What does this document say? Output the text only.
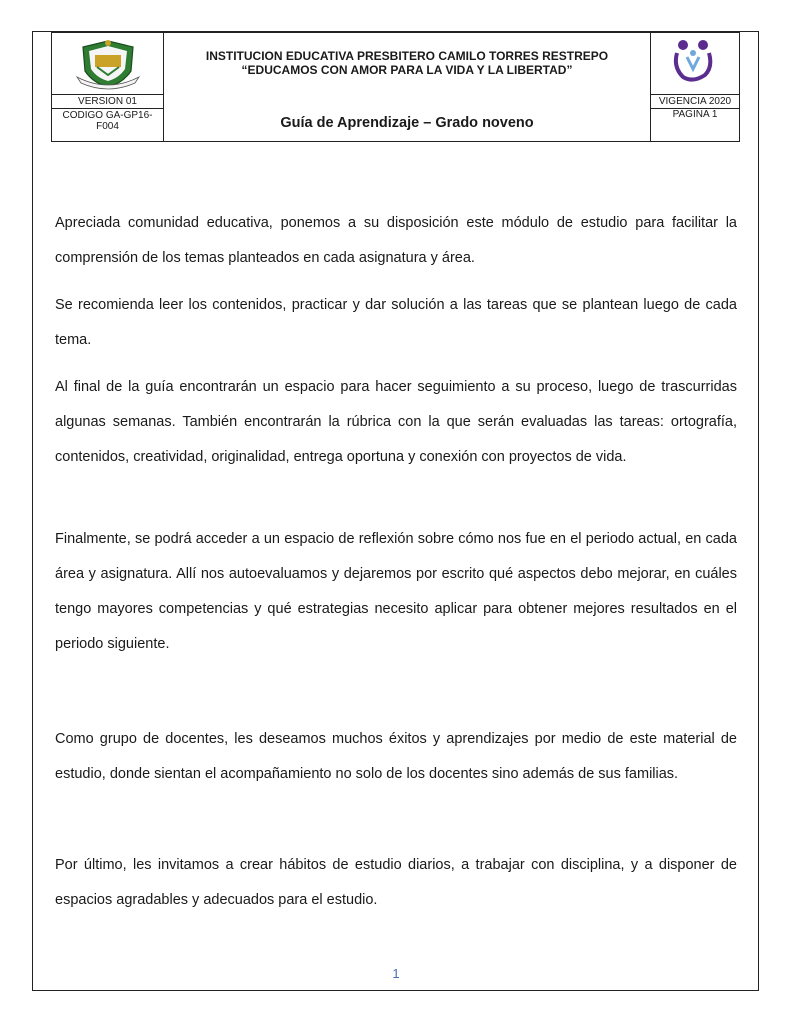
INSTITUCION EDUCATIVA PRESBITERO CAMILO TORRES RESTREPO
“EDUCAMOS CON AMOR PARA LA VIDA Y LA LIBERTAD”
VERSION 01
CODIGO GA-GP16-F004	Guía de Aprendizaje – Grado noveno
VIGENCIA 2020
PAGINA 1
Apreciada comunidad educativa, ponemos a su disposición este módulo de estudio para facilitar la comprensión de los temas planteados en cada asignatura y área.
Se recomienda leer los contenidos, practicar y dar solución a las tareas que se plantean luego de cada tema.
Al final de la guía encontrarán un espacio para hacer seguimiento a su proceso, luego de trascurridas algunas semanas. También encontrarán la rúbrica con la que serán evaluadas las tareas: ortografía, contenidos, creatividad, originalidad, entrega oportuna y conexión con proyectos de vida.
Finalmente, se podrá acceder a un espacio de reflexión sobre cómo nos fue en el periodo actual, en cada área y asignatura. Allí nos autoevaluamos y dejaremos por escrito qué aspectos debo mejorar, en cuáles tengo mayores competencias y qué estrategias necesito aplicar para obtener mejores resultados en el periodo siguiente.
Como grupo de docentes, les deseamos muchos éxitos y aprendizajes por medio de este material de estudio, donde sientan el acompañamiento no solo de los docentes sino además de sus familias.
Por último, les invitamos a crear hábitos de estudio diarios, a trabajar con disciplina, y a disponer de espacios agradables y adecuados para el estudio.
1
